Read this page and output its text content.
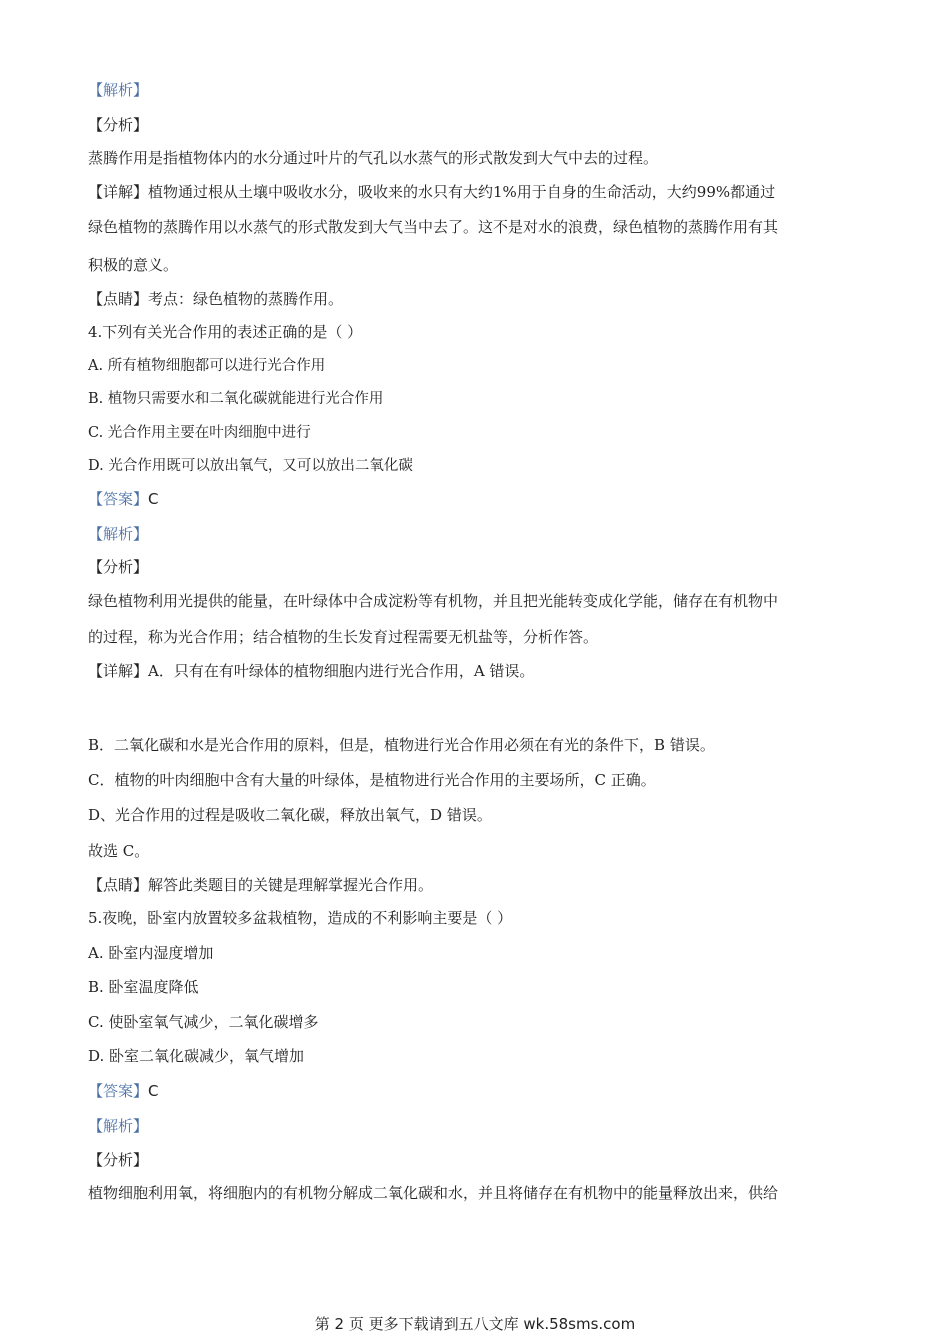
【解析】
【分析】
蒸腾作用是指植物体内的水分通过叶片的气孔以水蒸气的形式散发到大气中去的过程。
【详解】植物通过根从土壤中吸收水分，吸收来的水只有大约1%用于自身的生命活动，大约99%都通过
绿色植物的蒸腾作用以水蒸气的形式散发到大气当中去了。这不是对水的浪费，绿色植物的蒸腾作用有其
积极的意义。
【点睛】考点：绿色植物的蒸腾作用。
4.下列有关光合作用的表述正确的是（ ）
A. 所有植物细胞都可以进行光合作用
B. 植物只需要水和二氧化碳就能进行光合作用
C. 光合作用主要在叶肉细胞中进行
D. 光合作用既可以放出氧气，又可以放出二氧化碳
【答案】C
【解析】
【分析】
绿色植物利用光提供的能量，在叶绿体中合成淀粉等有机物，并且把光能转变成化学能，储存在有机物中
的过程，称为光合作用；结合植物的生长发育过程需要无机盐等，分析作答。
【详解】A．只有在有叶绿体的植物细胞内进行光合作用，A 错误。
B．二氧化碳和水是光合作用的原料，但是，植物进行光合作用必须在有光的条件下，B 错误。
C．植物的叶肉细胞中含有大量的叶绿体，是植物进行光合作用的主要场所，C 正确。
D、光合作用的过程是吸收二氧化碳，释放出氧气，D 错误。
故选 C。
【点睛】解答此类题目的关键是理解掌握光合作用。
5.夜晚，卧室内放置较多盆栽植物，造成的不利影响主要是（ ）
A. 卧室内湿度增加
B. 卧室温度降低
C. 使卧室氧气减少，二氧化碳增多
D. 卧室二氧化碳减少，氧气增加
【答案】C
【解析】
【分析】
植物细胞利用氧，将细胞内的有机物分解成二氧化碳和水，并且将储存在有机物中的能量释放出来，供给
第 2 页 更多下载请到五八文库 wk.58sms.com
